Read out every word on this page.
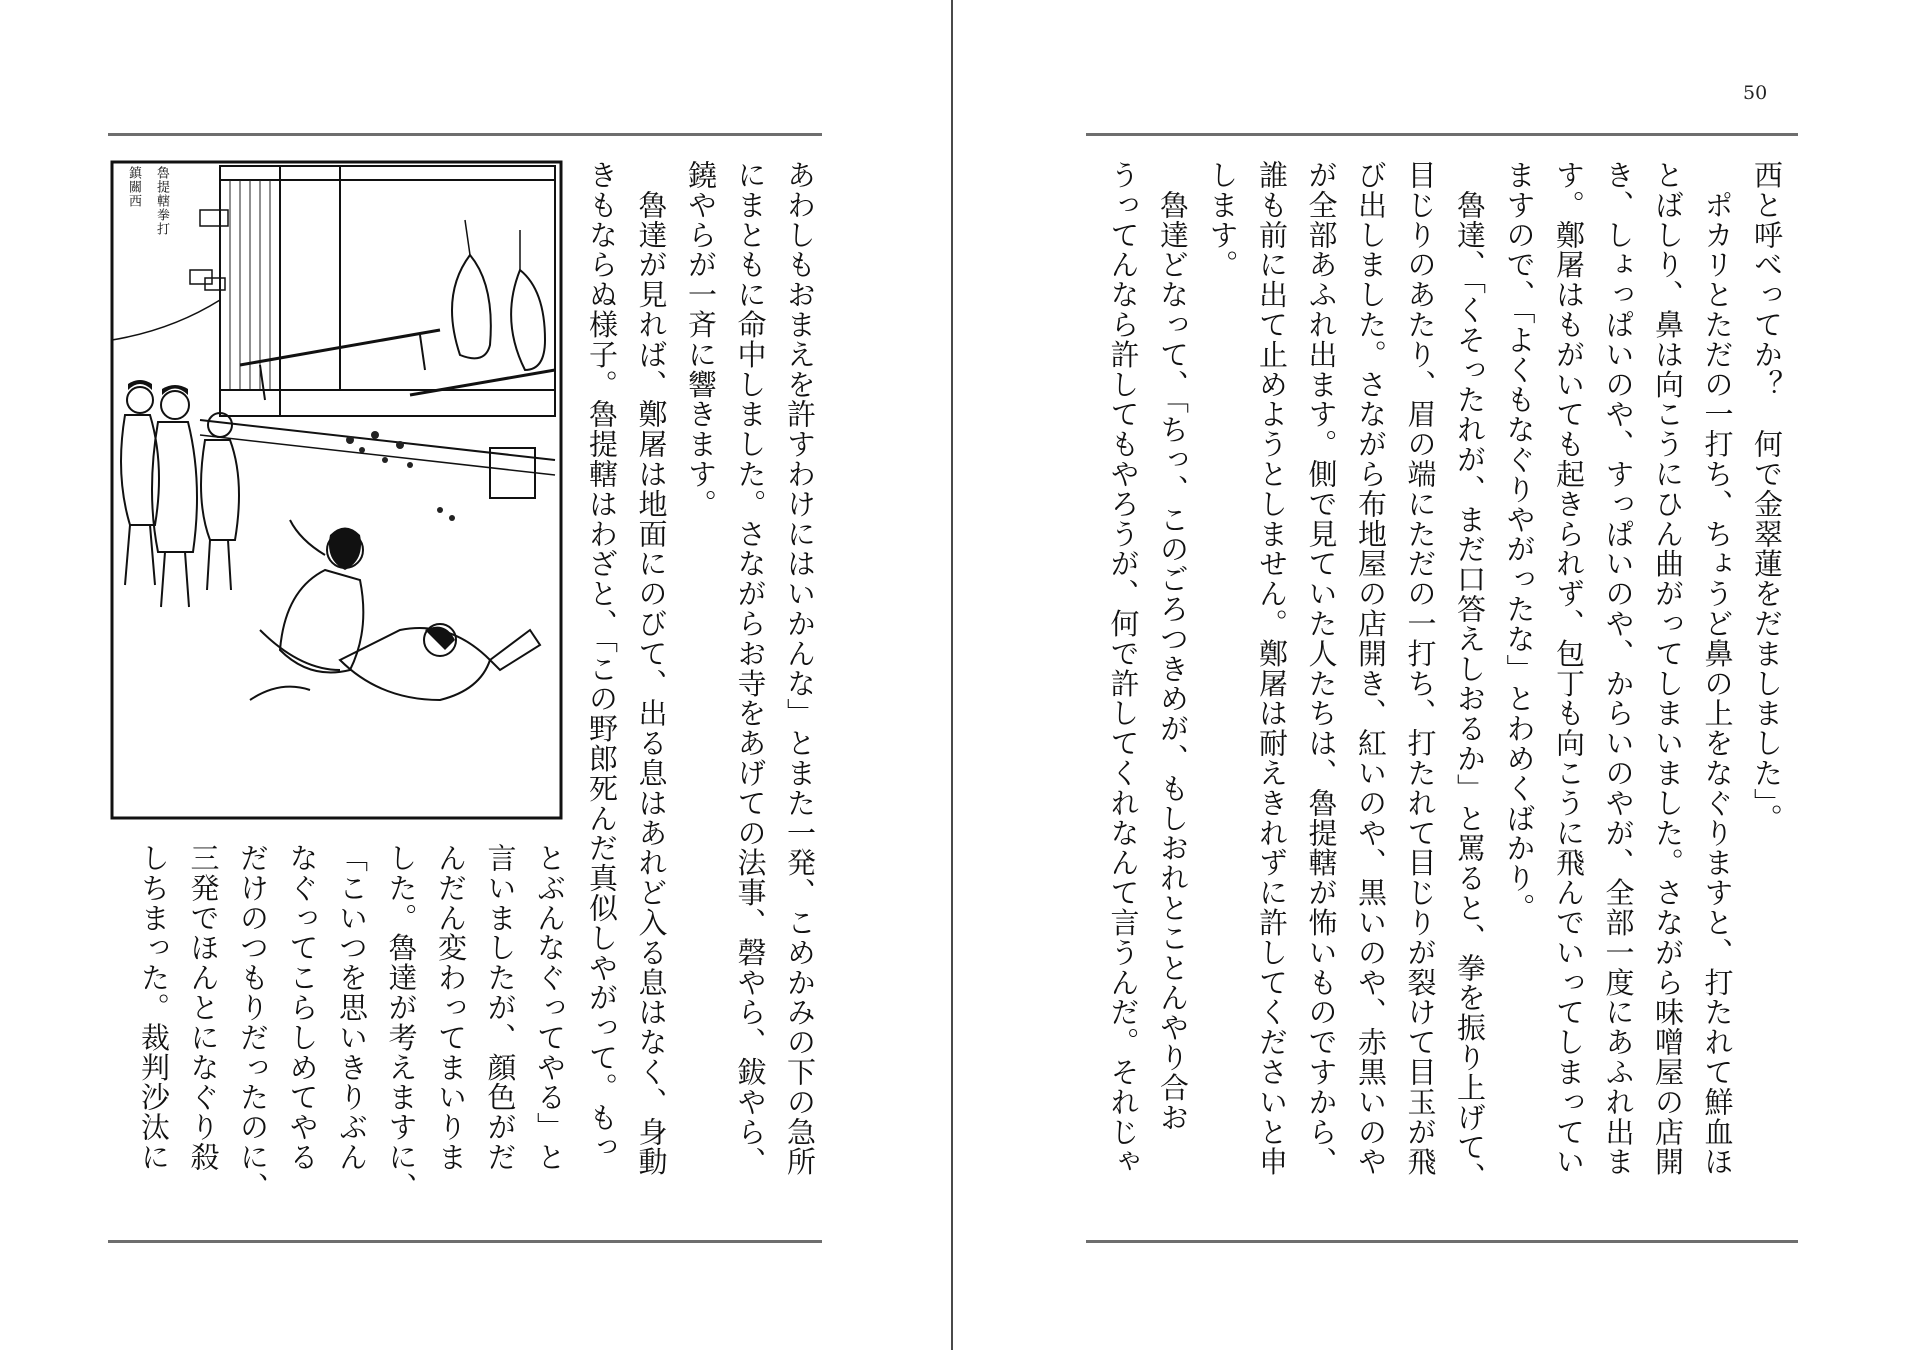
魯提轄拳打
鎮關西	あわしもおまえを許すわけにはいかんな」とまた一発、こめかみの下の急所
にまともに命中しました。さながらお寺をあげての法事、磬やら、鈸やら、
鐃やらが一斉に響きます。
　魯達が見れば、鄭屠は地面にのびて、出る息はあれど入る息はなく、身動
きもならぬ様子。魯提轄はわざと、「この野郎死んだ真似しやがって。もっ
とぶんなぐってやる」と
言いましたが、顔色がだ
んだん変わってまいりま
した。魯達が考えますに、
「こいつを思いきりぶん
なぐってこらしめてやる
だけのつもりだったのに、
三発でほんとになぐり殺
しちまった。裁判沙汰に
50
西と呼べってか？　何で金翠蓮をだましました」。
　ポカリとただの一打ち、ちょうど鼻の上をなぐりますと、打たれて鮮血ほ
とばしり、鼻は向こうにひん曲がってしまいました。さながら味噌屋の店開
き、しょっぱいのや、すっぱいのや、からいのやが、全部一度にあふれ出ま
す。鄭屠はもがいても起きられず、包丁も向こうに飛んでいってしまってい
ますので、「よくもなぐりやがったな」とわめくばかり。
　魯達、「くそったれが、まだ口答えしおるか」と罵ると、拳を振り上げて、
目じりのあたり、眉の端にただの一打ち、打たれて目じりが裂けて目玉が飛
び出しました。さながら布地屋の店開き、紅いのや、黒いのや、赤黒いのや
が全部あふれ出ます。側で見ていた人たちは、魯提轄が怖いものですから、
誰も前に出て止めようとしません。鄭屠は耐えきれずに許してくださいと申
します。
　魯達どなって、「ちっ、このごろつきめが、もしおれとことんやり合お
うってんなら許してもやろうが、何で許してくれなんて言うんだ。それじゃ
